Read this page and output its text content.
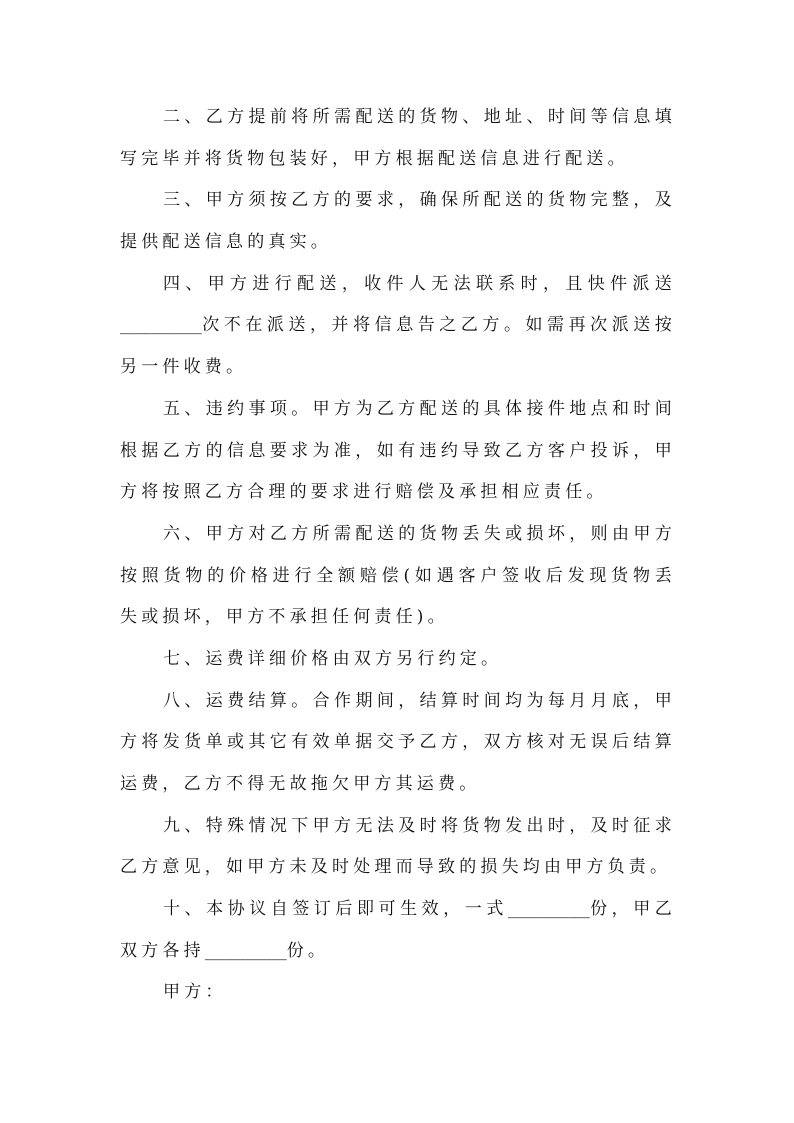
二、乙方提前将所需配送的货物、地址、时间等信息填
写完毕并将货物包装好，甲方根据配送信息进行配送。
三、甲方须按乙方的要求，确保所配送的货物完整，及
提供配送信息的真实。
四、甲方进行配送，收件人无法联系时，且快件派送
________次不在派送，并将信息告之乙方。如需再次派送按
另一件收费。
五、违约事项。甲方为乙方配送的具体接件地点和时间
根据乙方的信息要求为准，如有违约导致乙方客户投诉，甲
方将按照乙方合理的要求进行赔偿及承担相应责任。
六、甲方对乙方所需配送的货物丢失或损坏，则由甲方
按照货物的价格进行全额赔偿(如遇客户签收后发现货物丢
失或损坏，甲方不承担任何责任)。
七、运费详细价格由双方另行约定。
八、运费结算。合作期间，结算时间均为每月月底，甲
方将发货单或其它有效单据交予乙方，双方核对无误后结算
运费，乙方不得无故拖欠甲方其运费。
九、特殊情况下甲方无法及时将货物发出时，及时征求
乙方意见，如甲方未及时处理而导致的损失均由甲方负责。
十、本协议自签订后即可生效，一式________份，甲乙
双方各持________份。
甲方：
